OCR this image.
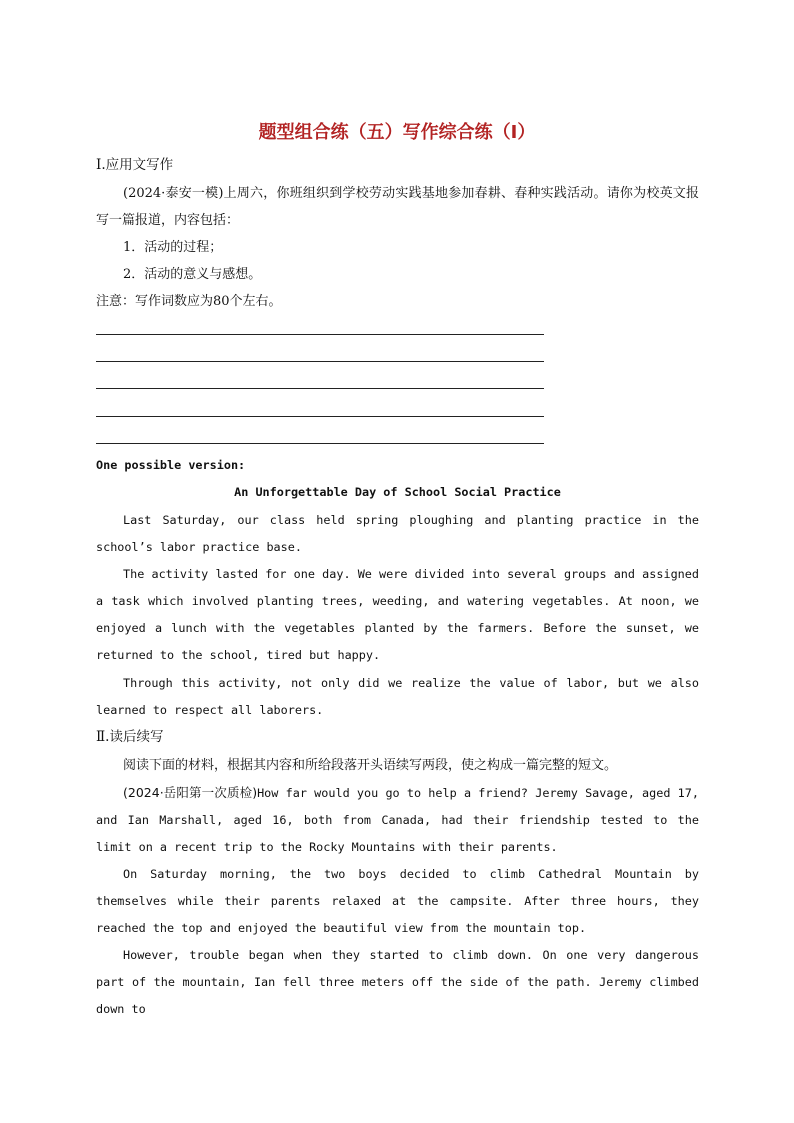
题型组合练（五）写作综合练（Ⅰ）
Ⅰ.应用文写作
(2024·泰安一模)上周六，你班组织到学校劳动实践基地参加春耕、春种实践活动。请你为校英文报写一篇报道，内容包括：
1．活动的过程；
2．活动的意义与感想。
注意：写作词数应为80个左右。
One possible version:
An Unforgettable Day of School Social Practice
Last Saturday, our class held spring ploughing and planting practice in the school’s labor practice base.
The activity lasted for one day. We were divided into several groups and assigned a task which involved planting trees, weeding, and watering vegetables. At noon, we enjoyed a lunch with the vegetables planted by the farmers. Before the sunset, we returned to the school, tired but happy.
Through this activity, not only did we realize the value of labor, but we also learned to respect all laborers.
Ⅱ.读后续写
阅读下面的材料，根据其内容和所给段落开头语续写两段，使之构成一篇完整的短文。
(2024·岳阳第一次质检)How far would you go to help a friend? Jeremy Savage, aged 17, and Ian Marshall, aged 16, both from Canada, had their friendship tested to the limit on a recent trip to the Rocky Mountains with their parents.
On Saturday morning, the two boys decided to climb Cathedral Mountain by themselves while their parents relaxed at the campsite. After three hours, they reached the top and enjoyed the beautiful view from the mountain top.
However, trouble began when they started to climb down. On one very dangerous part of the mountain, Ian fell three meters off the side of the path. Jeremy climbed down to
